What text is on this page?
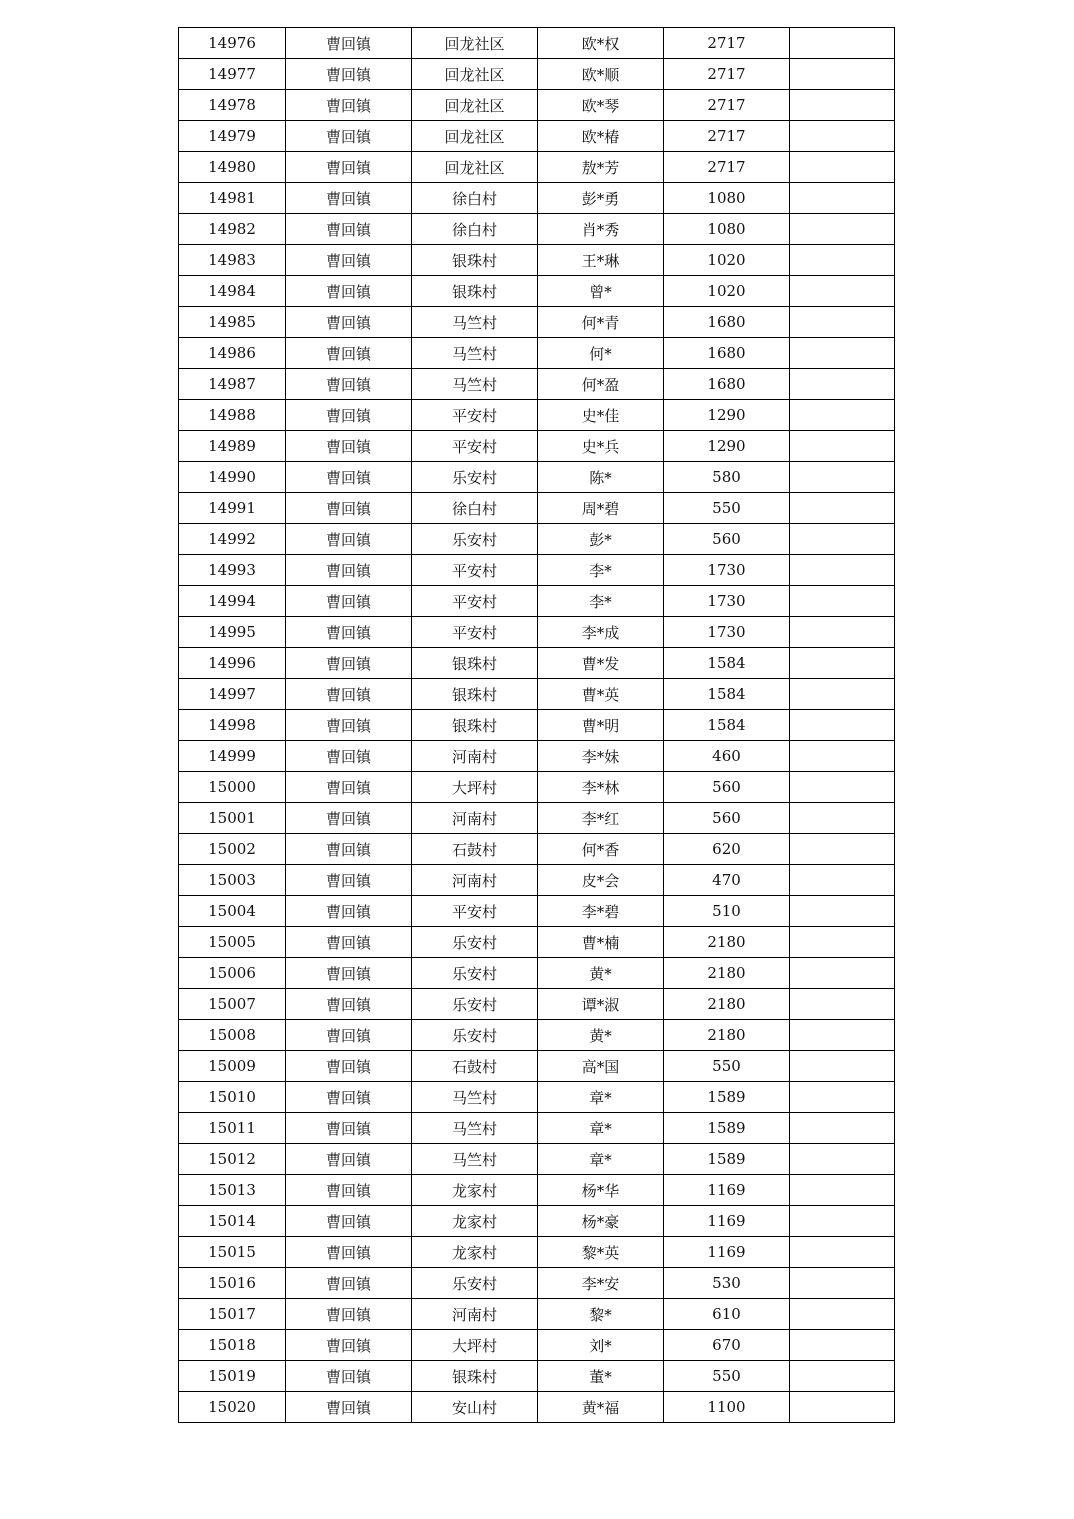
14976	曹回镇	回龙社区	欧*权	2717	
14977	曹回镇	回龙社区	欧*顺	2717	
14978	曹回镇	回龙社区	欧*琴	2717	
14979	曹回镇	回龙社区	欧*椿	2717	
14980	曹回镇	回龙社区	敖*芳	2717	
14981	曹回镇	徐白村	彭*勇	1080	
14982	曹回镇	徐白村	肖*秀	1080	
14983	曹回镇	银珠村	王*琳	1020	
14984	曹回镇	银珠村	曾*	1020	
14985	曹回镇	马竺村	何*青	1680	
14986	曹回镇	马竺村	何*	1680	
14987	曹回镇	马竺村	何*盈	1680	
14988	曹回镇	平安村	史*佳	1290	
14989	曹回镇	平安村	史*兵	1290	
14990	曹回镇	乐安村	陈*	580	
14991	曹回镇	徐白村	周*碧	550	
14992	曹回镇	乐安村	彭*	560	
14993	曹回镇	平安村	李*	1730	
14994	曹回镇	平安村	李*	1730	
14995	曹回镇	平安村	李*成	1730	
14996	曹回镇	银珠村	曹*发	1584	
14997	曹回镇	银珠村	曹*英	1584	
14998	曹回镇	银珠村	曹*明	1584	
14999	曹回镇	河南村	李*妹	460	
15000	曹回镇	大坪村	李*林	560	
15001	曹回镇	河南村	李*红	560	
15002	曹回镇	石鼓村	何*香	620	
15003	曹回镇	河南村	皮*会	470	
15004	曹回镇	平安村	李*碧	510	
15005	曹回镇	乐安村	曹*楠	2180	
15006	曹回镇	乐安村	黄*	2180	
15007	曹回镇	乐安村	谭*淑	2180	
15008	曹回镇	乐安村	黄*	2180	
15009	曹回镇	石鼓村	高*国	550	
15010	曹回镇	马竺村	章*	1589	
15011	曹回镇	马竺村	章*	1589	
15012	曹回镇	马竺村	章*	1589	
15013	曹回镇	龙家村	杨*华	1169	
15014	曹回镇	龙家村	杨*豪	1169	
15015	曹回镇	龙家村	黎*英	1169	
15016	曹回镇	乐安村	李*安	530	
15017	曹回镇	河南村	黎*	610	
15018	曹回镇	大坪村	刘*	670	
15019	曹回镇	银珠村	董*	550	
15020	曹回镇	安山村	黄*福	1100	
